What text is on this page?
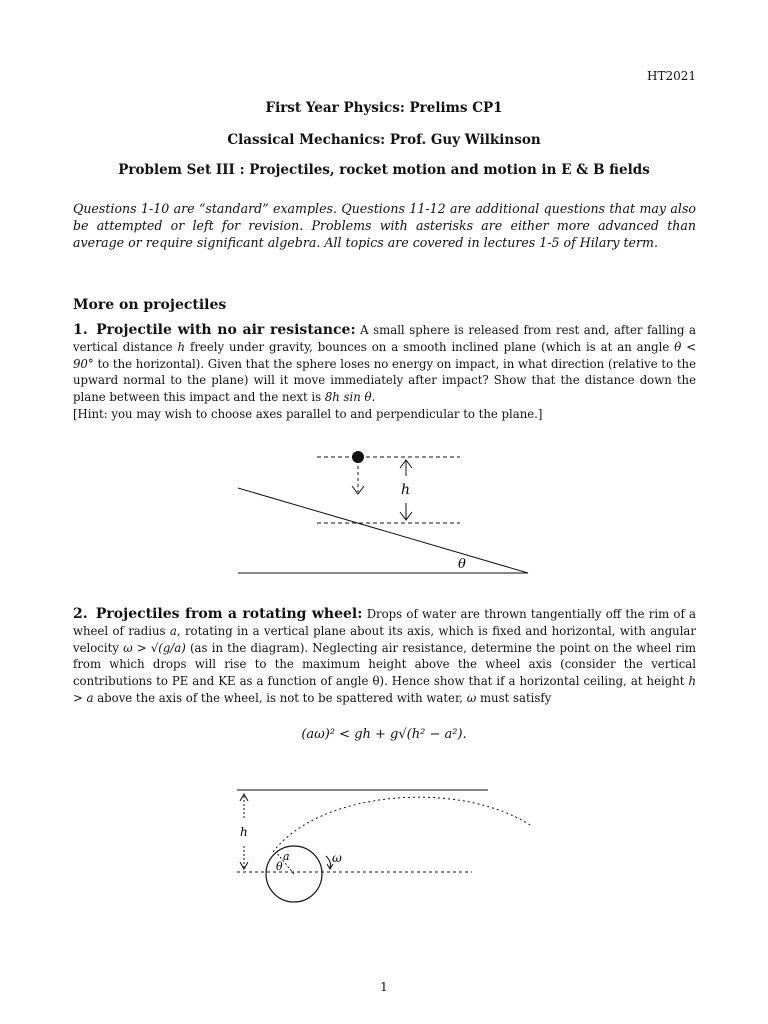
HT2021
First Year Physics: Prelims CP1
Classical Mechanics: Prof. Guy Wilkinson
Problem Set III : Projectiles, rocket motion and motion in E & B fields
Questions 1-10 are “standard” examples. Questions 11-12 are additional questions that may also be attempted or left for revision. Problems with asterisks are either more advanced than average or require significant algebra. All topics are covered in lectures 1-5 of Hilary term.
More on projectiles
1. Projectile with no air resistance: A small sphere is released from rest and, after falling a vertical distance h freely under gravity, bounces on a smooth inclined plane (which is at an angle θ < 90° to the horizontal). Given that the sphere loses no energy on impact, in what direction (relative to the upward normal to the plane) will it move immediately after impact? Show that the distance down the plane between this impact and the next is 8h sin θ.
[Hint: you may wish to choose axes parallel to and perpendicular to the plane.]
h
θ
2. Projectiles from a rotating wheel: Drops of water are thrown tangentially off the rim of a wheel of radius a, rotating in a vertical plane about its axis, which is fixed and horizontal, with angular velocity ω > √(g/a) (as in the diagram). Neglecting air resistance, determine the point on the wheel rim from which drops will rise to the maximum height above the wheel axis (consider the vertical contributions to PE and KE as a function of angle θ). Hence show that if a horizontal ceiling, at height h > a above the axis of the wheel, is not to be spattered with water, ω must satisfy
(aω)² < gh + g√(h² − a²).
h
a
θ
ω
1
